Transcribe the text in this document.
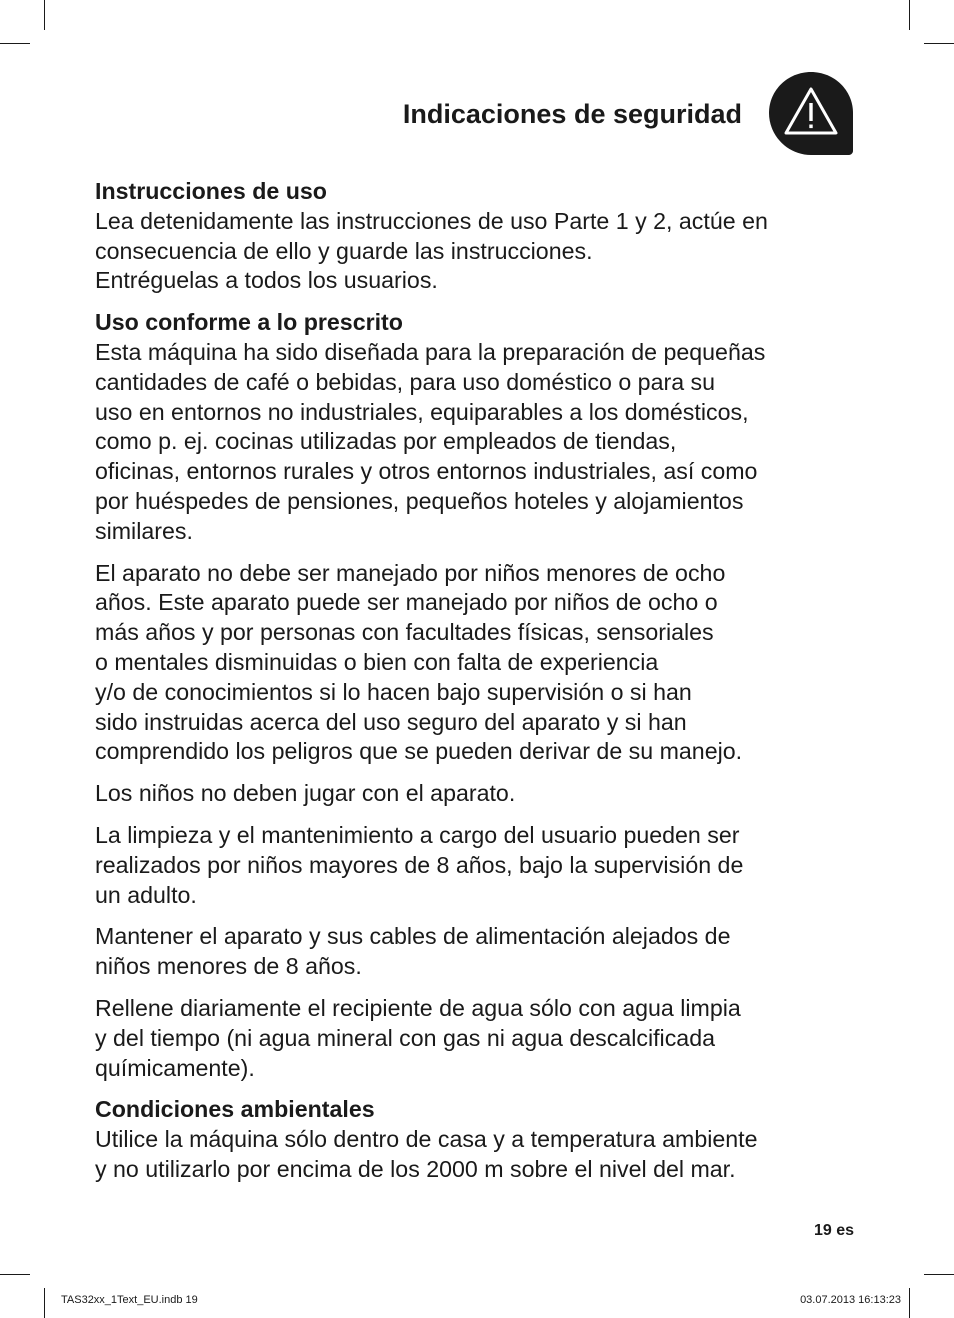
Indicaciones de seguridad
Instrucciones de uso
Lea detenidamente las instrucciones de uso Parte 1 y 2, actúe en
consecuencia de ello y guarde las instrucciones.
Entréguelas a todos los usuarios.
Uso conforme a lo prescrito
Esta máquina ha sido diseñada para la preparación de pequeñas
cantidades de café o bebidas, para uso doméstico o para su
uso en entornos no industriales, equiparables a los domésticos,
como p. ej. cocinas utilizadas por empleados de tiendas,
oficinas, entornos rurales y otros entornos industriales, así como
por huéspedes de pensiones, pequeños hoteles y alojamientos
similares.
El aparato no debe ser manejado por niños menores de ocho
años. Este aparato puede ser manejado por niños de ocho o
más años y por personas con facultades físicas, sensoriales
o mentales disminuidas o bien con falta de experiencia
y/o de conocimientos si lo hacen bajo supervisión o si han
sido instruidas acerca del uso seguro del aparato y si han
comprendido los peligros que se pueden derivar de su manejo.
Los niños no deben jugar con el aparato.
La limpieza y el mantenimiento a cargo del usuario pueden ser
realizados por niños mayores de 8 años, bajo la supervisión de
un adulto.
Mantener el aparato y sus cables de alimentación alejados de
niños menores de 8 años.
Rellene diariamente el recipiente de agua sólo con agua limpia
y del tiempo (ni agua mineral con gas ni agua descalcificada
químicamente).
Condiciones ambientales
Utilice la máquina sólo dentro de casa y a temperatura ambiente
y no utilizarlo por encima de los 2000 m sobre el nivel del mar.
19 es
TAS32xx_1Text_EU.indb 19	03.07.2013 16:13:23
